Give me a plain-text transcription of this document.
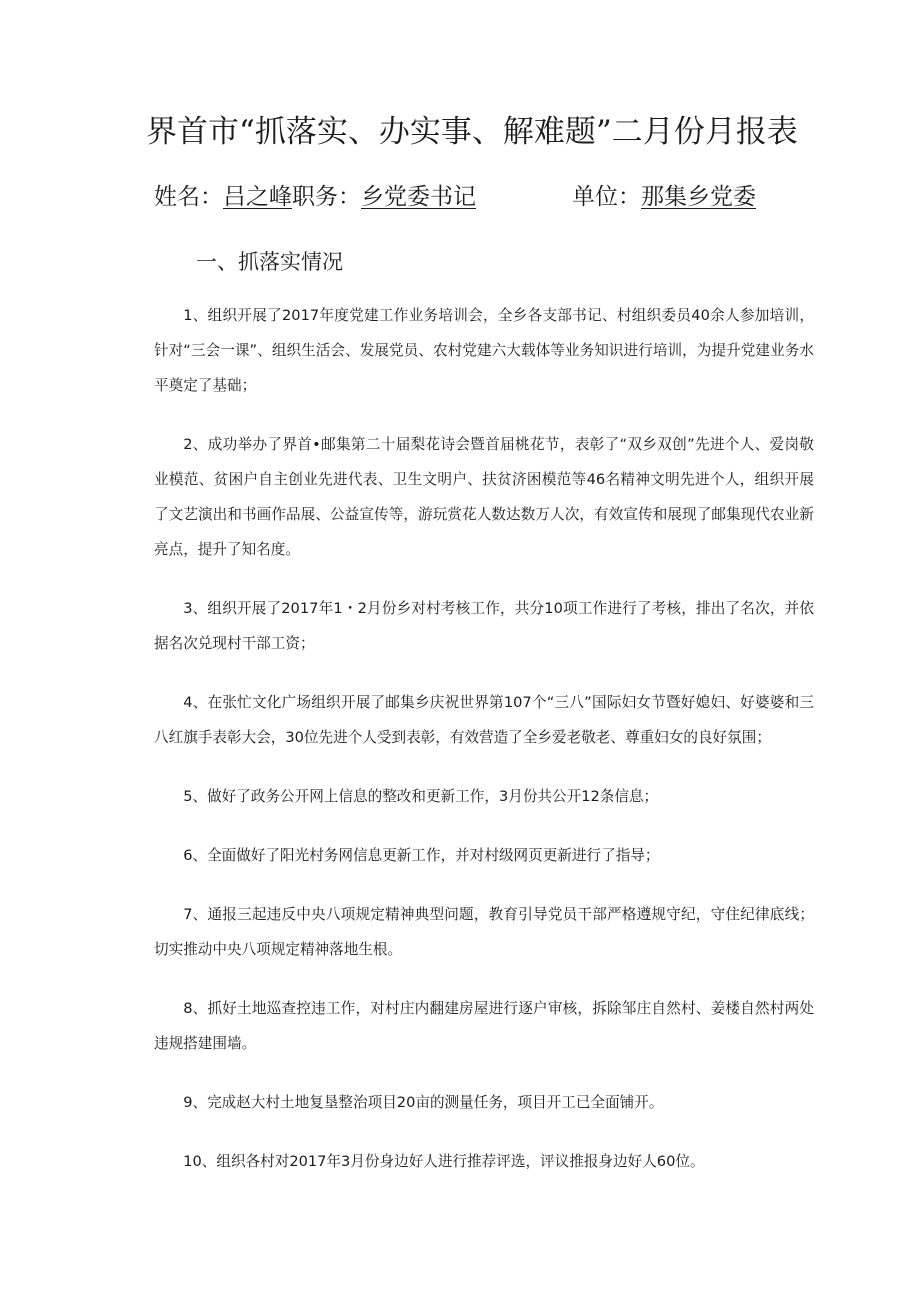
界首市“抓落实、办实事、解难题”二月份月报表
姓名：吕之峰职务：乡党委书记	单位：那集乡党委
一、抓落实情况

1、组织开展了2017年度党建工作业务培训会，全乡各支部书记、村组织委员40余人参加培训，针对“三会一课”、组织生活会、发展党员、农村党建六大载体等业务知识进行培训，为提升党建业务水平奠定了基础；

2、成功举办了界首•邮集第二十届梨花诗会暨首届桃花节，表彰了“双乡双创”先进个人、爱岗敬业模范、贫困户自主创业先进代表、卫生文明户、扶贫济困模范等46名精神文明先进个人，组织开展了文艺演出和书画作品展、公益宣传等，游玩赏花人数达数万人次，有效宣传和展现了邮集现代农业新亮点，提升了知名度。

3、组织开展了2017年1・2月份乡对村考核工作，共分10项工作进行了考核，排出了名次，并依据名次兑现村干部工资；

4、在张忙文化广场组织开展了邮集乡庆祝世界第107个“三八”国际妇女节暨好媳妇、好婆婆和三八红旗手表彰大会，30位先进个人受到表彰，有效营造了全乡爱老敬老、尊重妇女的良好氛围；

5、做好了政务公开网上信息的整改和更新工作，3月份共公开12条信息；

6、全面做好了阳光村务网信息更新工作，并对村级网页更新进行了指导；

7、通报三起违反中央八项规定精神典型问题，教育引导党员干部严格遵规守纪，守住纪律底线；切实推动中央八项规定精神落地生根。

8、抓好土地巡查控违工作，对村庄内翻建房屋进行逐户审核，拆除邹庄自然村、姜楼自然村两处违规搭建围墙。

9、完成赵大村土地复垦整治项目20亩的测量任务，项目开工已全面铺开。

10、组织各村对2017年3月份身边好人进行推荐评选，评议推报身边好人60位。
